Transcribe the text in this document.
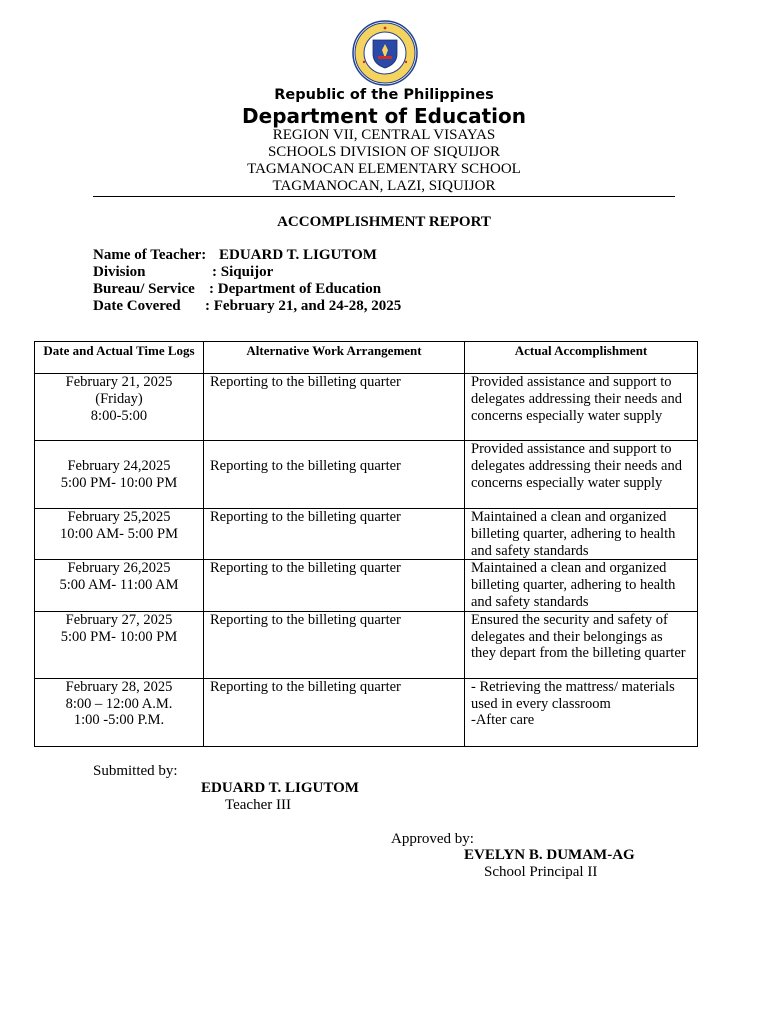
Republic of the Philippines
Department of Education
REGION VII, CENTRAL VISAYAS
SCHOOLS DIVISION OF SIQUIJOR
TAGMANOCAN ELEMENTARY SCHOOL
TAGMANOCAN, LAZI, SIQUIJOR
ACCOMPLISHMENT REPORT
Name of Teacher: EDUARD T. LIGUTOM
Division	: Siquijor
Bureau/ Service : Department of Education
Date Covered : February 21, and 24-28, 2025
Date and Actual Time Logs	Alternative Work Arrangement	Actual Accomplishment

February 21, 2025
(Friday)
8:00-5:00	Reporting to the billeting quarter	Provided assistance and support to delegates addressing their needs and concerns especially water supply

February 24,2025
5:00 PM- 10:00 PM	Reporting to the billeting quarter	Provided assistance and support to delegates addressing their needs and concerns especially water supply

February 25,2025
10:00 AM- 5:00 PM	Reporting to the billeting quarter	Maintained a clean and organized billeting quarter, adhering to health and safety standards

February 26,2025
5:00 AM- 11:00 AM	Reporting to the billeting quarter	Maintained a clean and organized billeting quarter, adhering to health and safety standards

February 27, 2025
5:00 PM- 10:00 PM	Reporting to the billeting quarter	Ensured the security and safety of delegates and their belongings as they depart from the billeting quarter

February 28, 2025
8:00 – 12:00 A.M.
1:00 -5:00 P.M.	Reporting to the billeting quarter	- Retrieving the mattress/ materials used in every classroom
-After care
Submitted by:
EDUARD T. LIGUTOM
Teacher III
Approved by:
EVELYN B. DUMAM-AG
School Principal II
